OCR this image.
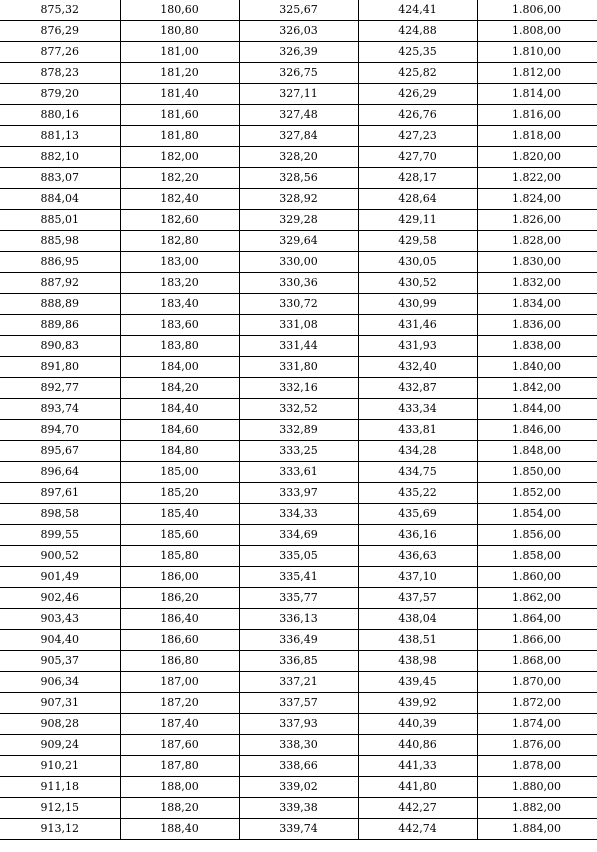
875,32	180,60	325,67	424,41	1.806,00
876,29	180,80	326,03	424,88	1.808,00
877,26	181,00	326,39	425,35	1.810,00
878,23	181,20	326,75	425,82	1.812,00
879,20	181,40	327,11	426,29	1.814,00
880,16	181,60	327,48	426,76	1.816,00
881,13	181,80	327,84	427,23	1.818,00
882,10	182,00	328,20	427,70	1.820,00
883,07	182,20	328,56	428,17	1.822,00
884,04	182,40	328,92	428,64	1.824,00
885,01	182,60	329,28	429,11	1.826,00
885,98	182,80	329,64	429,58	1.828,00
886,95	183,00	330,00	430,05	1.830,00
887,92	183,20	330,36	430,52	1.832,00
888,89	183,40	330,72	430,99	1.834,00
889,86	183,60	331,08	431,46	1.836,00
890,83	183,80	331,44	431,93	1.838,00
891,80	184,00	331,80	432,40	1.840,00
892,77	184,20	332,16	432,87	1.842,00
893,74	184,40	332,52	433,34	1.844,00
894,70	184,60	332,89	433,81	1.846,00
895,67	184,80	333,25	434,28	1.848,00
896,64	185,00	333,61	434,75	1.850,00
897,61	185,20	333,97	435,22	1.852,00
898,58	185,40	334,33	435,69	1.854,00
899,55	185,60	334,69	436,16	1.856,00
900,52	185,80	335,05	436,63	1.858,00
901,49	186,00	335,41	437,10	1.860,00
902,46	186,20	335,77	437,57	1.862,00
903,43	186,40	336,13	438,04	1.864,00
904,40	186,60	336,49	438,51	1.866,00
905,37	186,80	336,85	438,98	1.868,00
906,34	187,00	337,21	439,45	1.870,00
907,31	187,20	337,57	439,92	1.872,00
908,28	187,40	337,93	440,39	1.874,00
909,24	187,60	338,30	440,86	1.876,00
910,21	187,80	338,66	441,33	1.878,00
911,18	188,00	339,02	441,80	1.880,00
912,15	188,20	339,38	442,27	1.882,00
913,12	188,40	339,74	442,74	1.884,00
